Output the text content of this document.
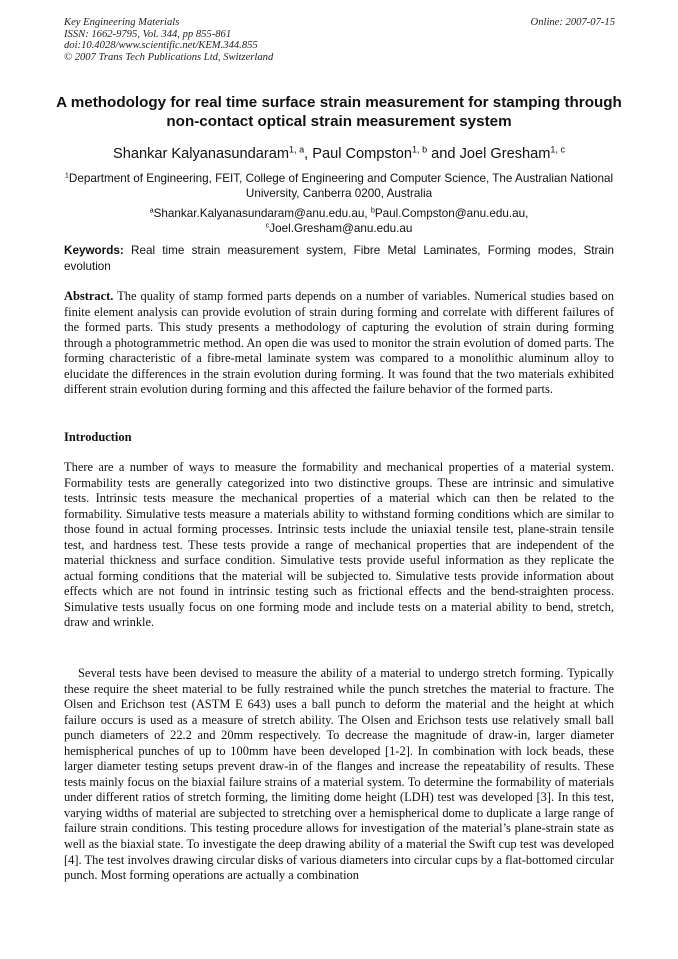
Key Engineering Materials
ISSN: 1662-9795, Vol. 344, pp 855-861
doi:10.4028/www.scientific.net/KEM.344.855
© 2007 Trans Tech Publications Ltd, Switzerland
Online: 2007-07-15
A methodology for real time surface strain measurement for stamping through non-contact optical strain measurement system
Shankar Kalyanasundaram$^{1, a}$, Paul Compston$^{1, b}$ and Joel Gresham$^{1, c}$
$^1$Department of Engineering, FEIT, College of Engineering and Computer Science, The Australian National University, Canberra 0200, Australia
$^a$Shankar.Kalyanasundaram@anu.edu.au, $^b$Paul.Compston@anu.edu.au,
$^c$Joel.Gresham@anu.edu.au
Keywords: Real time strain measurement system, Fibre Metal Laminates, Forming modes, Strain evolution

Abstract. The quality of stamp formed parts depends on a number of variables. Numerical studies based on finite element analysis can provide evolution of strain during forming and correlate with different failures of the formed parts. This study presents a methodology of capturing the evolution of strain during forming through a photogrammetric method. An open die was used to monitor the strain evolution of domed parts. The forming characteristic of a fibre-metal laminate system was compared to a monolithic aluminum alloy to elucidate the differences in the strain evolution during forming. It was found that the two materials exhibited different strain evolution during forming and this affected the failure behavior of the formed parts.

Introduction

There are a number of ways to measure the formability and mechanical properties of a material system. Formability tests are generally categorized into two distinctive groups. These are intrinsic and simulative tests. Intrinsic tests measure the mechanical properties of a material which can then be related to the formability. Simulative tests measure a materials ability to withstand forming conditions which are similar to those found in actual forming processes. Intrinsic tests include the uniaxial tensile test, plane-strain tensile test, and hardness test. These tests provide a range of mechanical properties that are independent of the material thickness and surface condition. Simulative tests provide useful information as they replicate the actual forming conditions that the material will be subjected to. Simulative tests provide information about effects which are not found in intrinsic testing such as frictional effects and the bend-straighten process. Simulative tests usually focus on one forming mode and include tests on a material ability to bend, stretch, draw and wrinkle.

Several tests have been devised to measure the ability of a material to undergo stretch forming. Typically these require the sheet material to be fully restrained while the punch stretches the material to fracture. The Olsen and Erichson test (ASTM E 643) uses a ball punch to deform the material and the height at which failure occurs is used as a measure of stretch ability. The Olsen and Erichson tests use relatively small ball punch diameters of 22.2 and 20mm respectively. To decrease the magnitude of draw-in, larger diameter hemispherical punches of up to 100mm have been developed [1-2]. In combination with lock beads, these larger diameter testing setups prevent draw-in of the flanges and increase the repeatability of results. These tests mainly focus on the biaxial failure strains of a material system. To determine the formability of materials under different ratios of stretch forming, the limiting dome height (LDH) test was developed [3]. In this test, varying widths of material are subjected to stretching over a hemispherical dome to duplicate a large range of failure strain conditions. This testing procedure allows for investigation of the material’s plane-strain state as well as the biaxial state. To investigate the deep drawing ability of a material the Swift cup test was developed [4]. The test involves drawing circular disks of various diameters into circular cups by a flat-bottomed circular punch. Most forming operations are actually a combination
